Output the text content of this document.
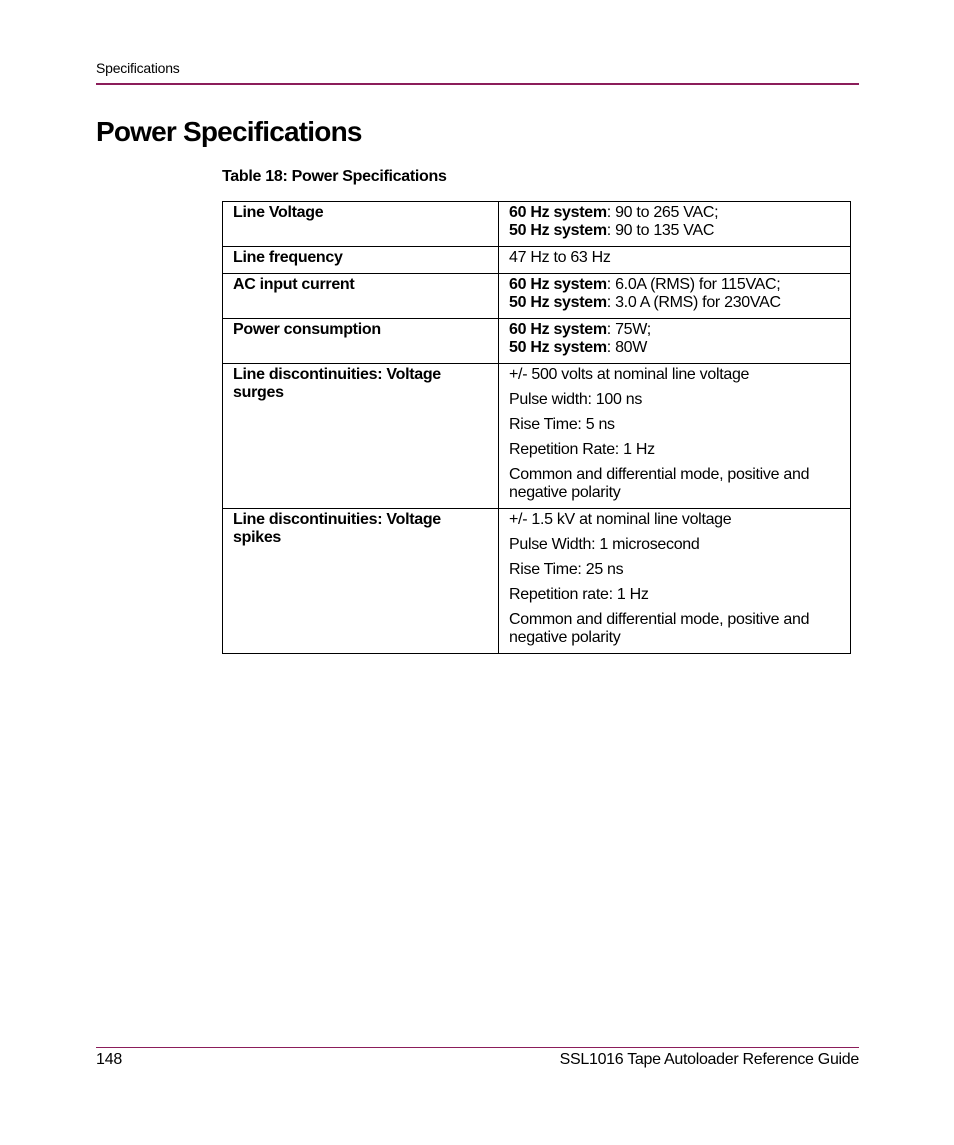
Specifications
Power Specifications
Table 18: Power Specifications
Line Voltage	60 Hz system: 90 to 265 VAC;
50 Hz system: 90 to 135 VAC

Line frequency	47 Hz to 63 Hz

AC input current	60 Hz system: 6.0A (RMS) for 115VAC;
50 Hz system: 3.0 A (RMS) for 230VAC

Power consumption	60 Hz system: 75W;
50 Hz system: 80W

Line discontinuities: Voltage surges	+/- 500 volts at nominal line voltage
Pulse width: 100 ns
Rise Time: 5 ns
Repetition Rate: 1 Hz
Common and differential mode, positive and negative polarity

Line discontinuities: Voltage spikes	+/- 1.5 kV at nominal line voltage
Pulse Width: 1 microsecond
Rise Time: 25 ns
Repetition rate: 1 Hz
Common and differential mode, positive and negative polarity
148	SSL1016 Tape Autoloader Reference Guide
